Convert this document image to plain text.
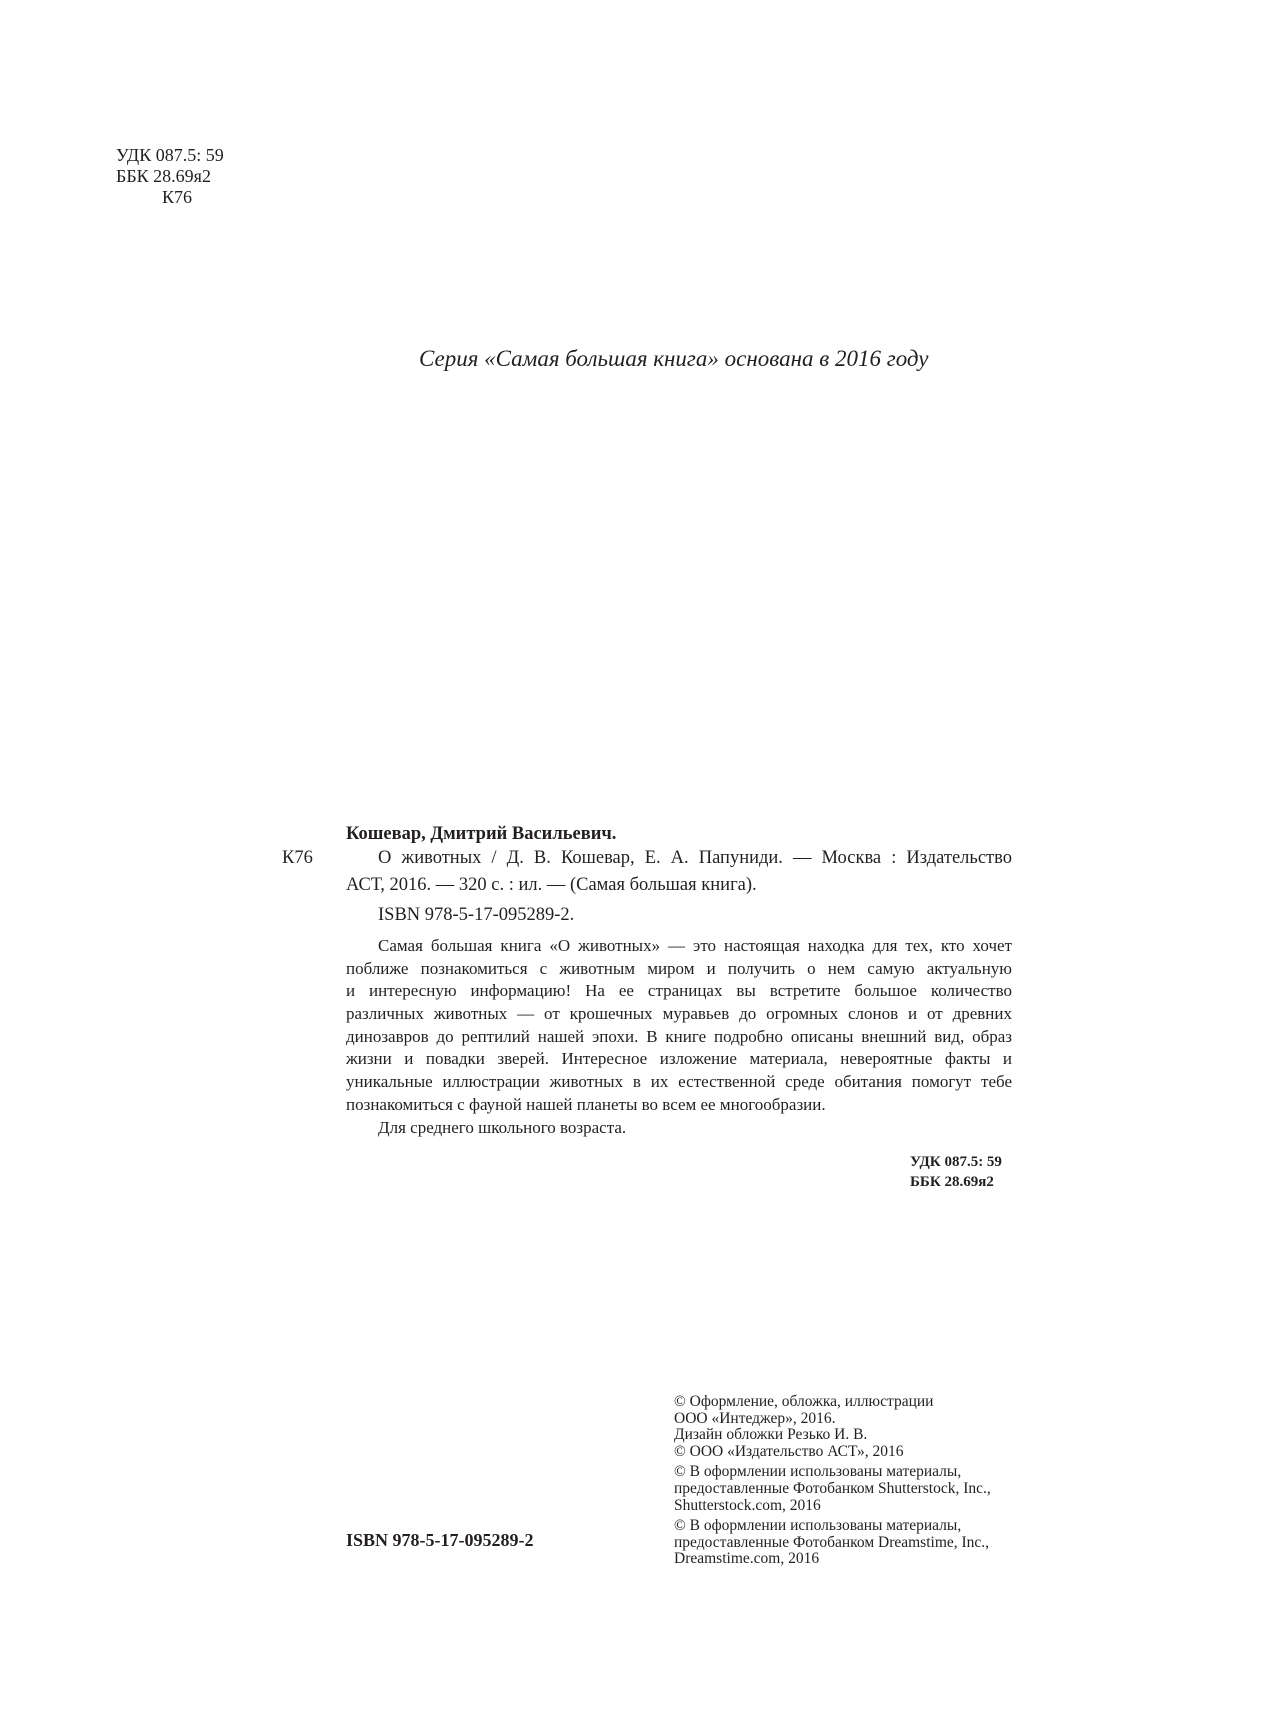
УДК 087.5: 59
ББК 28.69я2
К76
Серия «Самая большая книга» основана в 2016 году
Кошевар, Дмитрий Васильевич.
К76	О животных / Д. В. Кошевар, Е. А. Папуниди. — Москва : Издательство
АСТ, 2016. — 320 с. : ил. — (Самая большая книга).
ISBN 978-5-17-095289-2.
Самая большая книга «О животных» — это настоящая находка для тех, кто хочет
поближе познакомиться с животным миром и получить о нем самую актуальную
и интересную информацию! На ее страницах вы встретите большое количество
различных животных — от крошечных муравьев до огромных слонов и от древних
динозавров до рептилий нашей эпохи. В книге подробно описаны внешний вид, образ
жизни и повадки зверей. Интересное изложение материала, невероятные факты и
уникальные иллюстрации животных в их естественной среде обитания помогут тебе
познакомиться с фауной нашей планеты во всем ее многообразии.
Для среднего школьного возраста.
УДК 087.5: 59
ББК 28.69я2
© Оформление, обложка, иллюстрации
ООО «Интеджер», 2016.
Дизайн обложки Резько И. В.
© ООО «Издательство АСТ», 2016
© В оформлении использованы материалы,
предоставленные Фотобанком Shutterstock, Inc.,
Shutterstock.com, 2016
© В оформлении использованы материалы,
предоставленные Фотобанком Dreamstime, Inc.,
Dreamstime.com, 2016
ISBN 978-5-17-095289-2
